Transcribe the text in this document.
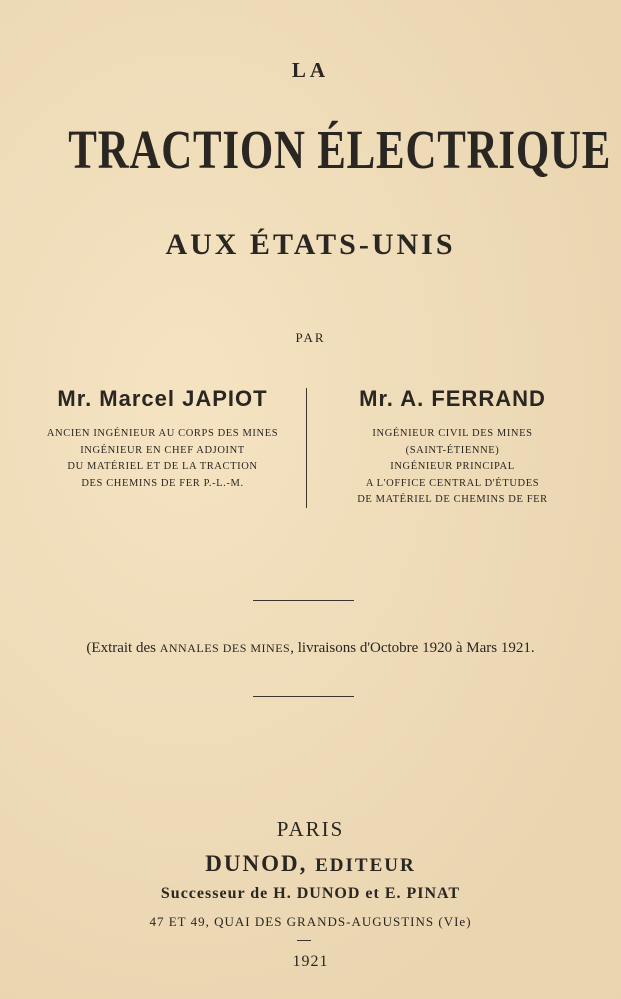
LA

TRACTION ÉLECTRIQUE

AUX ÉTATS-UNIS

PAR

Mr. Marcel JAPIOT
ANCIEN INGÉNIEUR AU CORPS DES MINES
INGÉNIEUR EN CHEF ADJOINT
DU MATÉRIEL ET DE LA TRACTION
DES CHEMINS DE FER P.-L.-M.
Mr. A. FERRAND
INGÉNIEUR CIVIL DES MINES
(SAINT-ÉTIENNE)
INGÉNIEUR PRINCIPAL
A L'OFFICE CENTRAL D'ÉTUDES
DE MATÉRIEL DE CHEMINS DE FER

(Extrait des ANNALES DES MINES, livraisons d'Octobre 1920 à Mars 1921.

PARIS

DUNOD, EDITEUR

Successeur de H. DUNOD et E. PINAT

47 ET 49, QUAI DES GRANDS-AUGUSTINS (VIe)

1921
